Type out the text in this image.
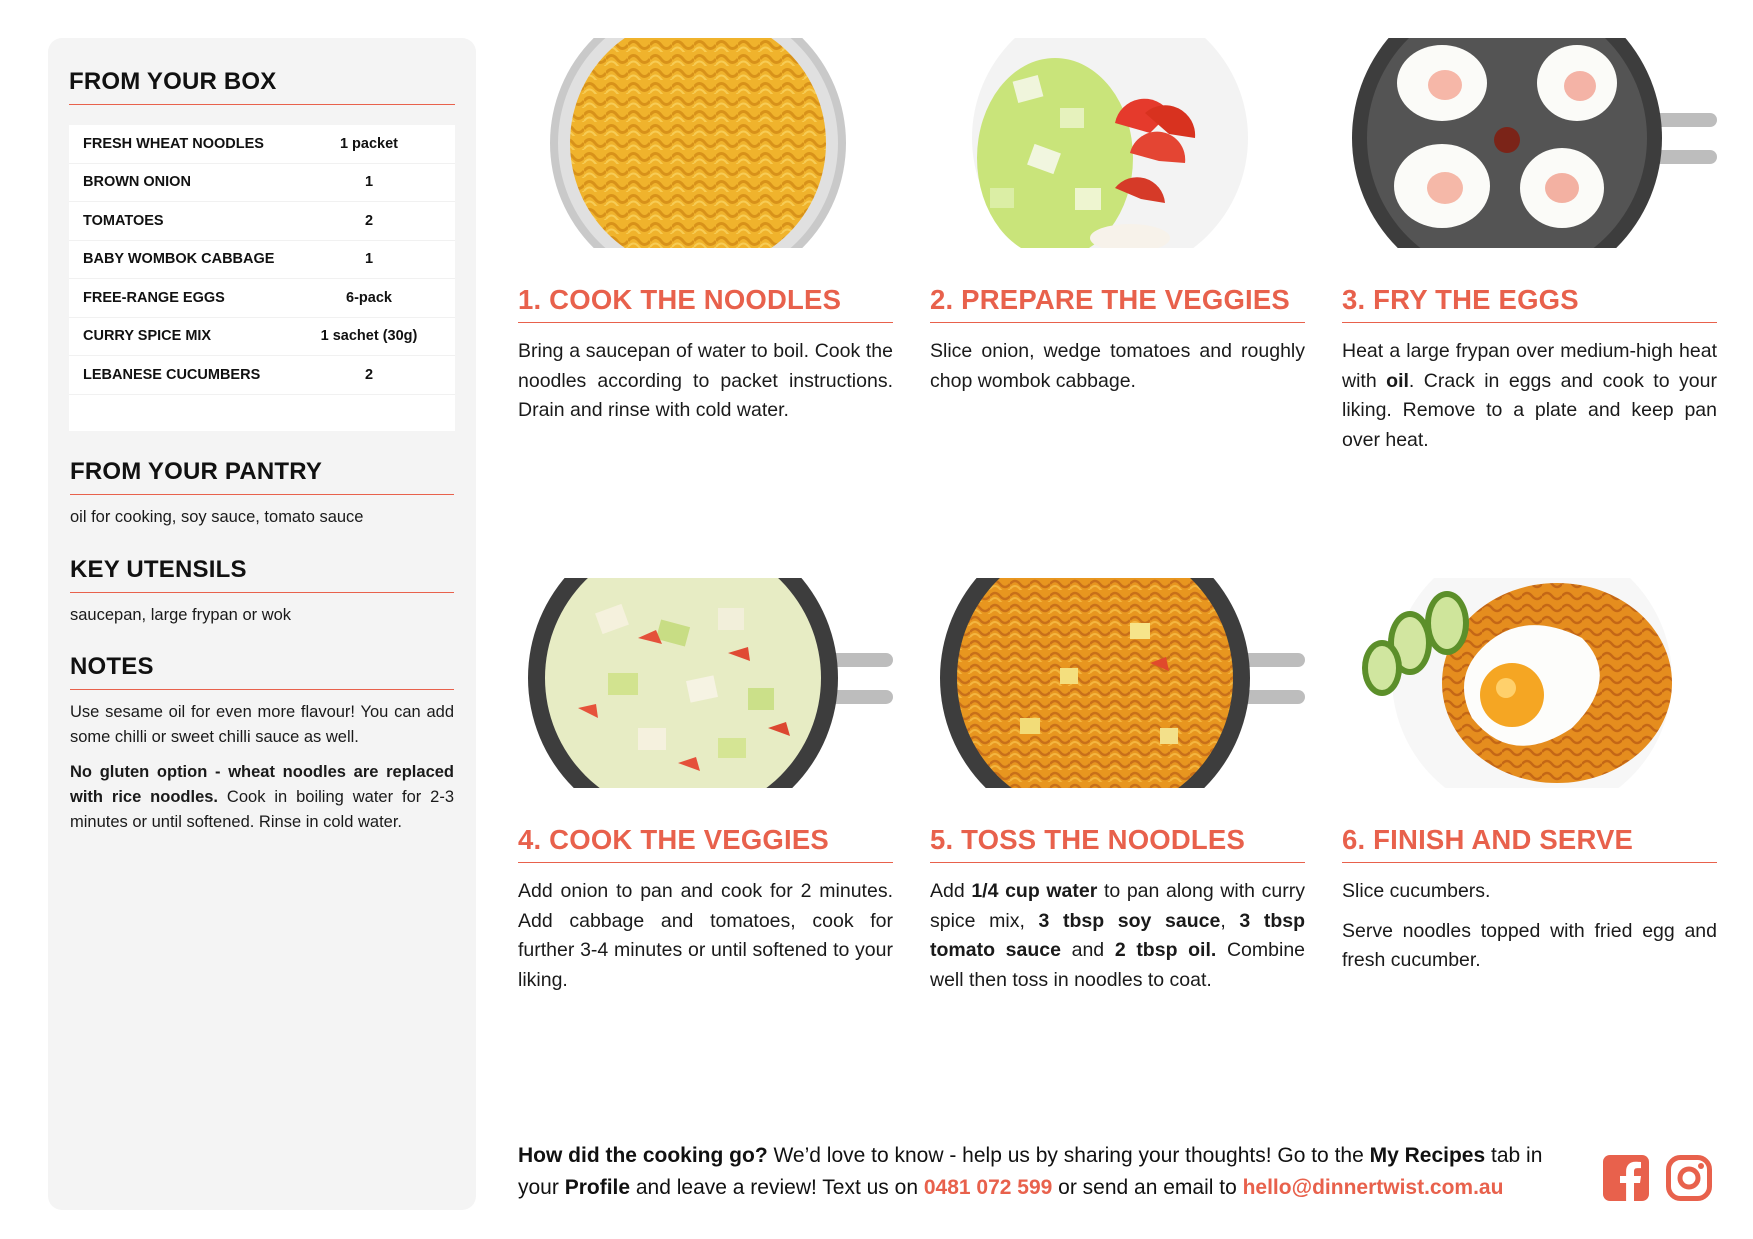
FROM YOUR BOX
FRESH WHEAT NOODLES	1 packet
BROWN ONION	1
TOMATOES	2
BABY WOMBOK CABBAGE	1
FREE-RANGE EGGS	6-pack
CURRY SPICE MIX	1 sachet (30g)
LEBANESE CUCUMBERS	2
FROM YOUR PANTRY
oil for cooking, soy sauce, tomato sauce
KEY UTENSILS
saucepan, large frypan or wok
NOTES
Use sesame oil for even more flavour! You can add some chilli or sweet chilli sauce as well.
No gluten option - wheat noodles are replaced with rice noodles. Cook in boiling water for 2-3 minutes or until softened. Rinse in cold water.
1. COOK THE NOODLES
Bring a saucepan of water to boil. Cook the noodles according to packet instructions. Drain and rinse with cold water.
2. PREPARE THE VEGGIES
Slice onion, wedge tomatoes and roughly chop wombok cabbage.
3. FRY THE EGGS
Heat a large frypan over medium-high heat with oil. Crack in eggs and cook to your liking. Remove to a plate and keep pan over heat.
4. COOK THE VEGGIES
Add onion to pan and cook for 2 minutes. Add cabbage and tomatoes, cook for further 3-4 minutes or until softened to your liking.
5. TOSS THE NOODLES
Add 1/4 cup water to pan along with curry spice mix, 3 tbsp soy sauce, 3 tbsp tomato sauce and 2 tbsp oil. Combine well then toss in noodles to coat.
6. FINISH AND SERVE

Slice cucumbers.

Serve noodles topped with fried egg and fresh cucumber.

How did the cooking go? We’d love to know - help us by sharing your thoughts! Go to the My Recipes tab in your Profile and leave a review! Text us on 0481 072 599 or send an email to hello@dinnertwist.com.au
